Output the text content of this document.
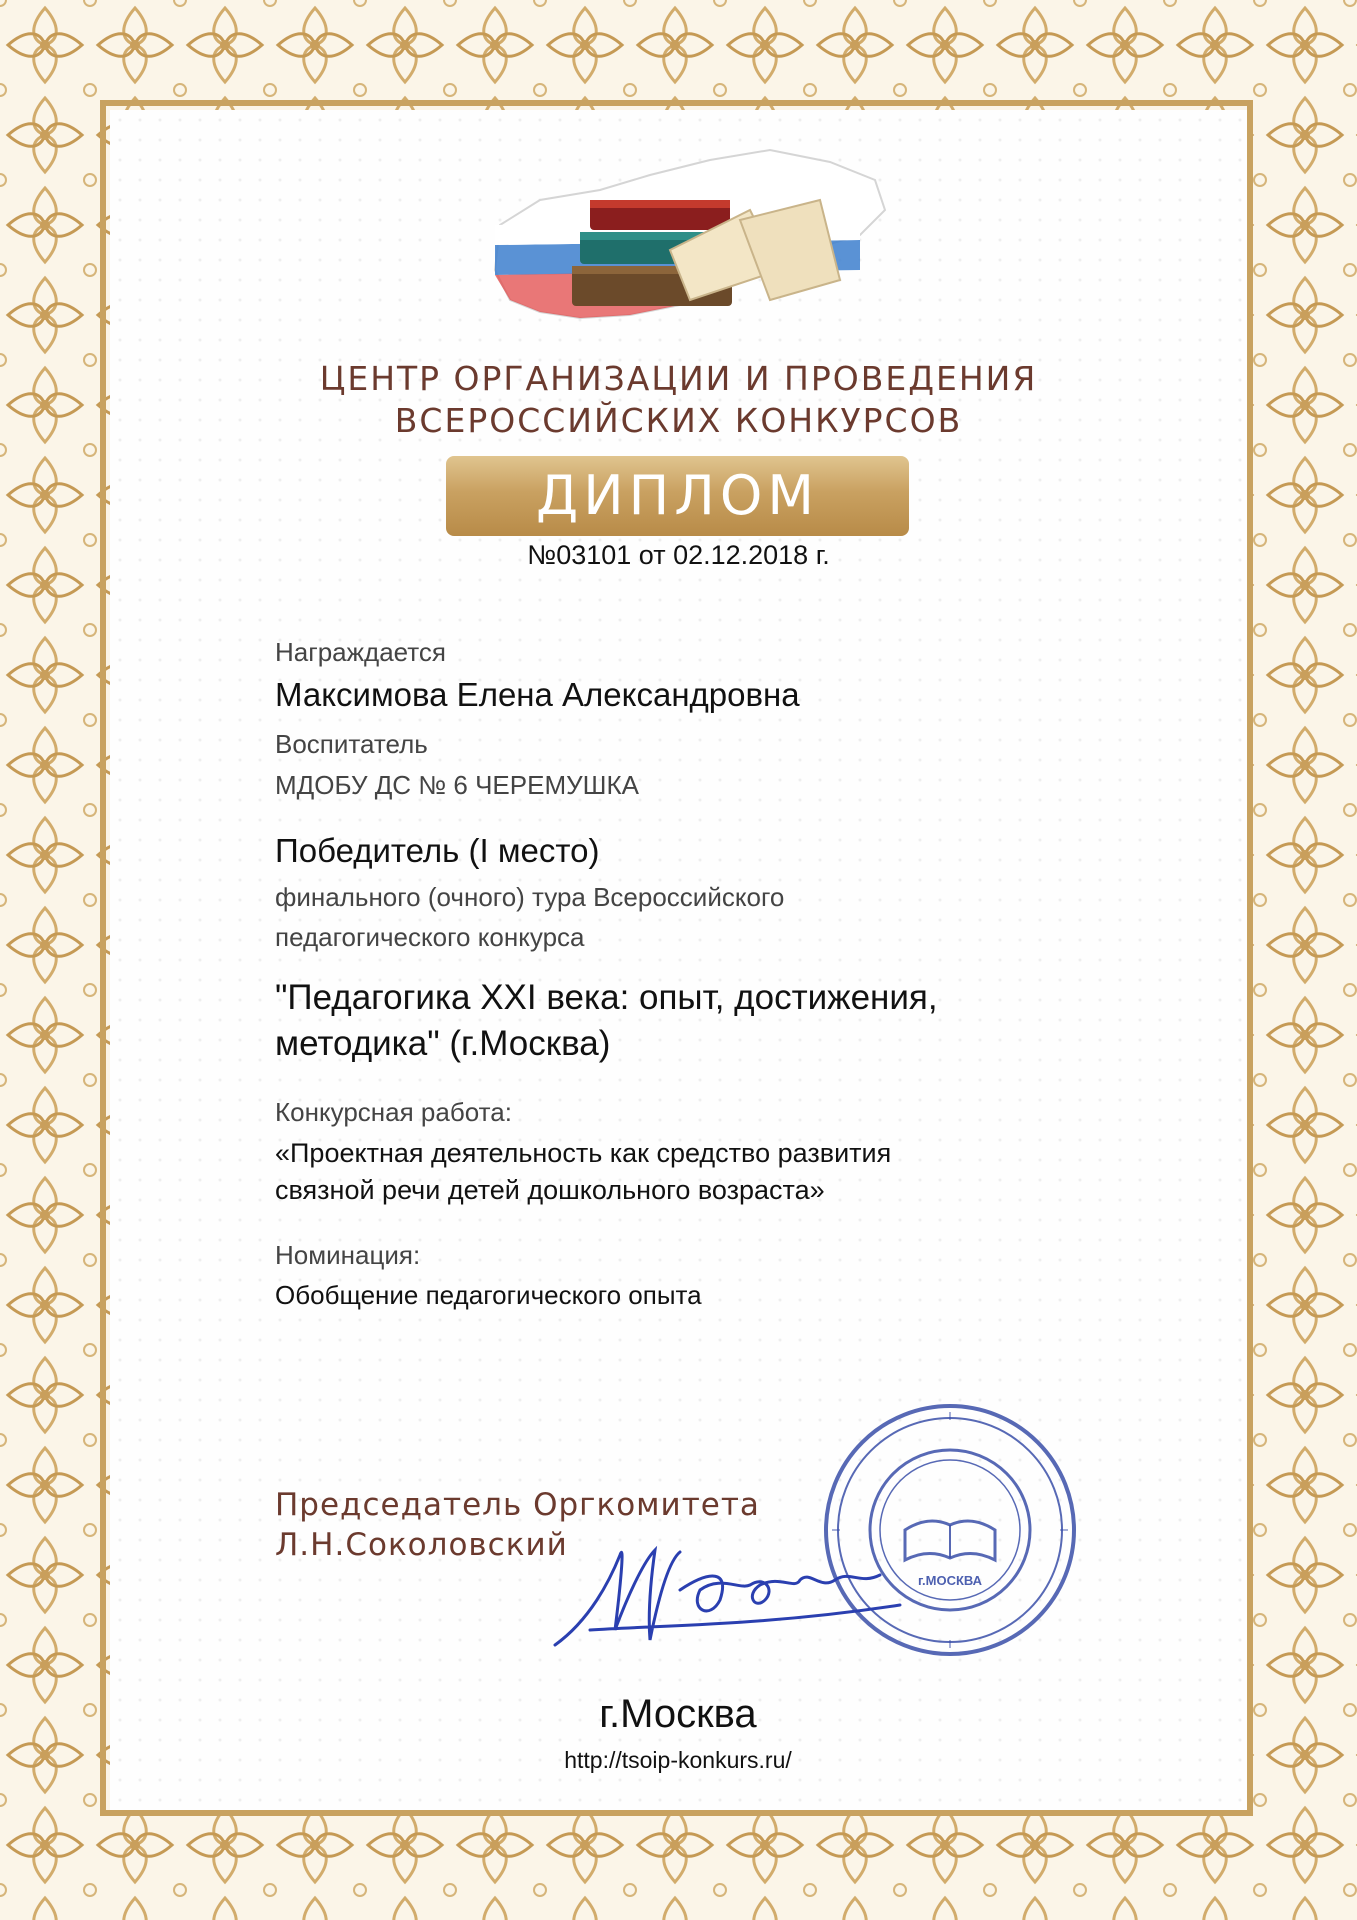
ЦЕНТР ОРГАНИЗАЦИИ И ПРОВЕДЕНИЯ
ВСЕРОССИЙСКИХ КОНКУРСОВ
ДИПЛОМ
№03101 от 02.12.2018 г.
Награждается
Максимова Елена Александровна
Воспитатель
МДОБУ ДС № 6 ЧЕРЕМУШКА
Победитель (I место)
финального (очного) тура Всероссийского
педагогического конкурса
"Педагогика XXI века: опыт, достижения,
методика" (г.Москва)
Конкурсная работа:
«Проектная деятельность как средство развития
связной речи детей дошкольного возраста»
Номинация:
Обобщение педагогического опыта
Председатель Оргкомитета
Л.Н.Соколовский
г.МОСКВА
г.Москва
http://tsoip-konkurs.ru/
